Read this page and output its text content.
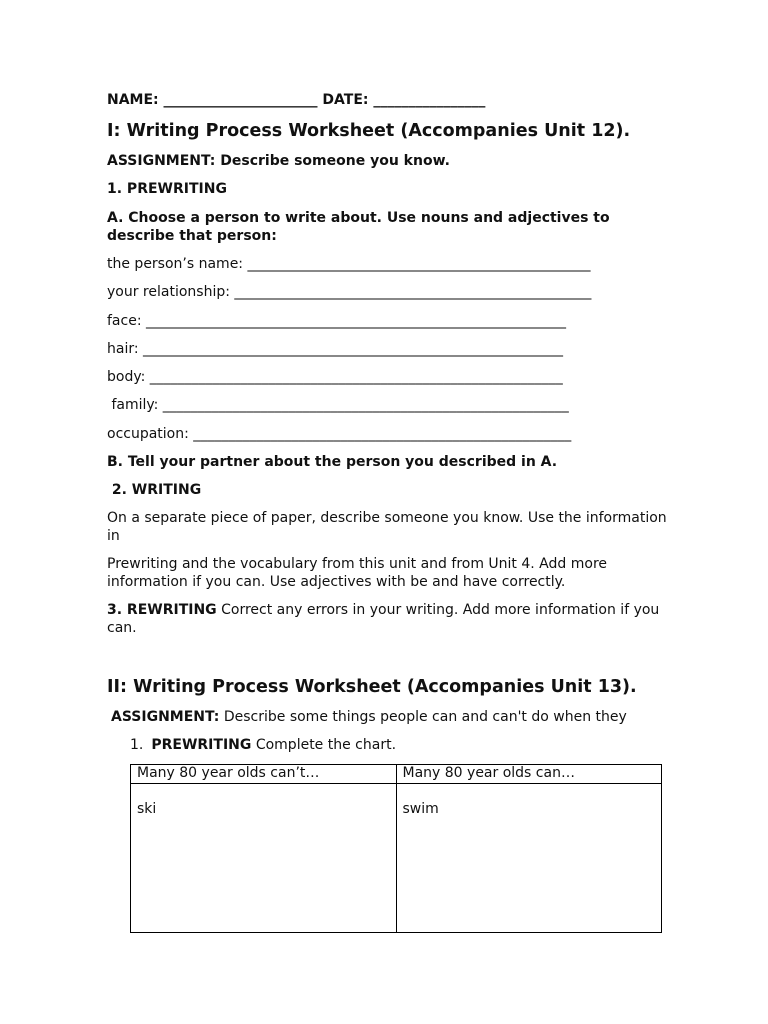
NAME: ______________________ DATE: ________________

I: Writing Process Worksheet (Accompanies Unit 12).

ASSIGNMENT: Describe someone you know.

1. PREWRITING

A. Choose a person to write about. Use nouns and adjectives to describe that person:

the person’s name: _________________________________________________

your relationship: ___________________________________________________

face: ____________________________________________________________

hair: ____________________________________________________________

body: ___________________________________________________________

family: __________________________________________________________

occupation: ______________________________________________________

B. Tell your partner about the person you described in A.

2. WRITING

On a separate piece of paper, describe someone you know. Use the information in

Prewriting and the vocabulary from this unit and from Unit 4. Add more information if you can. Use adjectives with be and have correctly.

3. REWRITING Correct any errors in your writing. Add more information if you can.

II: Writing Process Worksheet (Accompanies Unit 13).

ASSIGNMENT: Describe some things people can and can't do when they

1. PREWRITING Complete the chart.

Many 80 year olds can’t…	Many 80 year olds can…
ski	swim
